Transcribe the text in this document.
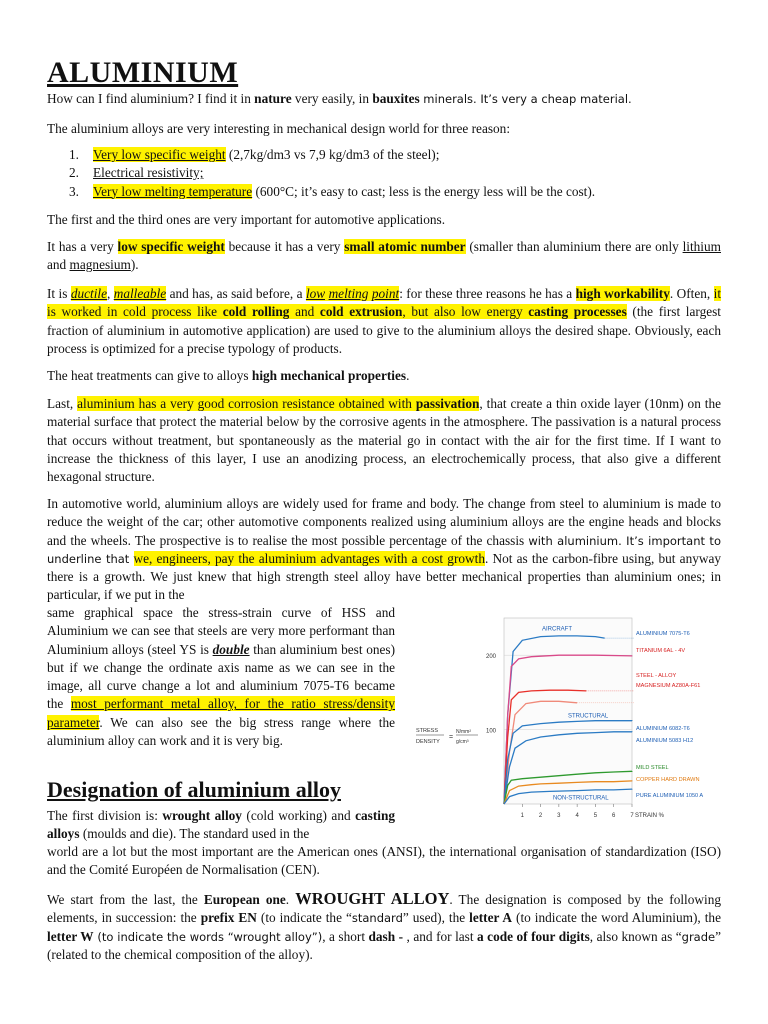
ALUMINIUM

How can I find aluminium? I find it in nature very easily, in bauxites minerals. It’s very a cheap material.

The aluminium alloys are very interesting in mechanical design world for three reason:

1. Very low specific weight (2,7kg/dm3 vs 7,9 kg/dm3 of the steel);
2. Electrical resistivity;
3. Very low melting temperature (600°C; it’s easy to cast; less is the energy less will be the cost).

The first and the third ones are very important for automotive applications.

It has a very low specific weight because it has a very small atomic number (smaller than aluminium there are only lithium and magnesium).

It is ductile, malleable and has, as said before, a low melting point: for these three reasons he has a high workability. Often, it is worked in cold process like cold rolling and cold extrusion, but also low energy casting processes (the first largest fraction of aluminium in automotive application) are used to give to the aluminium alloys the desired shape. Obviously, each process is optimized for a precise typology of products.

The heat treatments can give to alloys high mechanical properties.

Last, aluminium has a very good corrosion resistance obtained with passivation, that create a thin oxide layer (10nm) on the material surface that protect the material below by the corrosive agents in the atmosphere. The passivation is a natural process that occurs without treatment, but spontaneously as the material go in contact with the air for the first time. If I want to increase the thickness of this layer, I use an anodizing process, an electrochemically process, that also give a different hexagonal structure.

In automotive world, aluminium alloys are widely used for frame and body. The change from steel to aluminium is made to reduce the weight of the car; other automotive components realized using aluminium alloys are the engine heads and blocks and the wheels. The prospective is to realise the most possible percentage of the chassis with aluminium. It’s important to underline that we, engineers, pay the aluminium advantages with a cost growth. Not as the carbon-fibre using, but anyway there is a growth. We just knew that high strength steel alloy have better mechanical properties than aluminium ones; in particular, if we put in the

same graphical space the stress-strain curve of HSS and Aluminium we can see that steels are very more performant than Aluminium alloys (steel YS is double than aluminium best ones) but if we change the ordinate axis name as we can see in the image, all curve change a lot and aluminium 7075-T6 became the most performant metal alloy, for the ratio stress/density parameter. We can also see the big stress range where the aluminium alloy can work and it is very big.

Designation of aluminium alloy

The first division is: wrought alloy (cold working) and casting alloys (moulds and die). The standard used in the

world are a lot but the most important are the American ones (ANSI), the international organisation of standardization (ISO) and the Comité Européen de Normalisation (CEN).

We start from the last, the European one. WROUGHT ALLOY. The designation is composed by the following elements, in succession: the prefix EN (to indicate the “standard” used), the letter A (to indicate the word Aluminium), the letter W (to indicate the words “wrought alloy”), a short dash - , and for last a code of four digits, also known as “grade” (related to the chemical composition of the alloy).

100
200
1 2 3 4 5 6 7 STRAIN %
STRESS
DENSITY
=
N/mm²
g/cm³
ALUMINIUM 7075-T6
TITANIUM 6AL - 4V
STEEL - ALLOY
MAGNESIUM AZ80A-F61
ALUMINIUM 6082-T6
ALUMINIUM 5083 H12
MILD STEEL
COPPER HARD DRAWN
PURE ALUMINIUM 1050 A
AIRCRAFT
STRUCTURAL
NON-STRUCTURAL
